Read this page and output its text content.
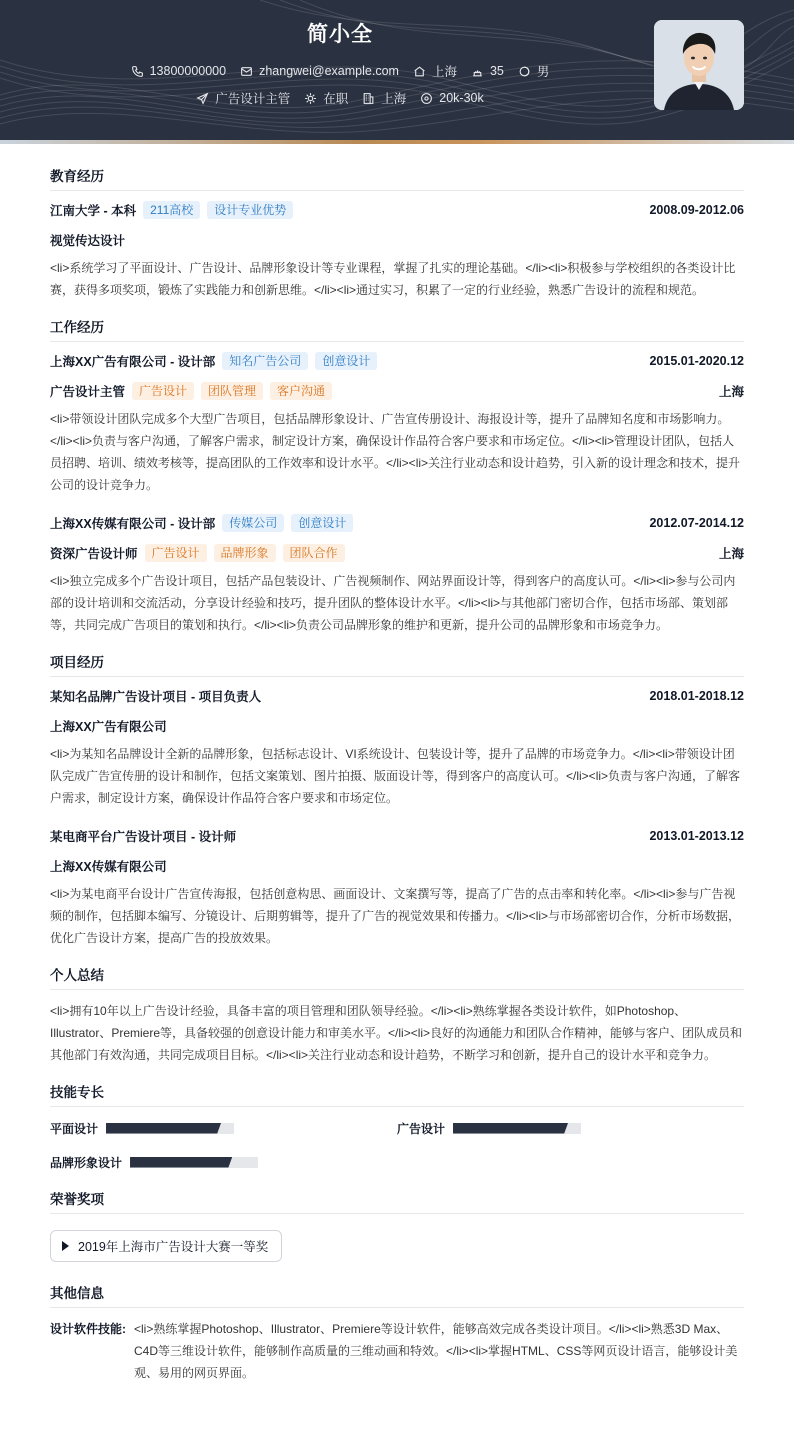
简小全
13800000000	zhangwei@example.com	上海	35	男
广告设计主管	在职	上海	20k-30k
教育经历
江南大学 - 本科	211高校	设计专业优势	2008.09-2012.06
视觉传达设计
<li>系统学习了平面设计、广告设计、品牌形象设计等专业课程，掌握了扎实的理论基础。</li><li>积极参与学校组织的各类设计比赛，获得多项奖项，锻炼了实践能力和创新思维。</li><li>通过实习，积累了一定的行业经验，熟悉广告设计的流程和规范。
工作经历
上海XX广告有限公司 - 设计部	知名广告公司	创意设计	2015.01-2020.12
广告设计主管	广告设计	团队管理	客户沟通	上海
<li>带领设计团队完成多个大型广告项目，包括品牌形象设计、广告宣传册设计、海报设计等，提升了品牌知名度和市场影响力。</li><li>负责与客户沟通，了解客户需求，制定设计方案，确保设计作品符合客户要求和市场定位。</li><li>管理设计团队，包括人员招聘、培训、绩效考核等，提高团队的工作效率和设计水平。</li><li>关注行业动态和设计趋势，引入新的设计理念和技术，提升公司的设计竞争力。
上海XX传媒有限公司 - 设计部	传媒公司	创意设计	2012.07-2014.12
资深广告设计师	广告设计	品牌形象	团队合作	上海
<li>独立完成多个广告设计项目，包括产品包装设计、广告视频制作、网站界面设计等，得到客户的高度认可。</li><li>参与公司内部的设计培训和交流活动，分享设计经验和技巧，提升团队的整体设计水平。</li><li>与其他部门密切合作，包括市场部、策划部等，共同完成广告项目的策划和执行。</li><li>负责公司品牌形象的维护和更新，提升公司的品牌形象和市场竞争力。
项目经历
某知名品牌广告设计项目 - 项目负责人	2018.01-2018.12
上海XX广告有限公司
<li>为某知名品牌设计全新的品牌形象，包括标志设计、VI系统设计、包装设计等，提升了品牌的市场竞争力。</li><li>带领设计团队完成广告宣传册的设计和制作，包括文案策划、图片拍摄、版面设计等，得到客户的高度认可。</li><li>负责与客户沟通，了解客户需求，制定设计方案，确保设计作品符合客户要求和市场定位。
某电商平台广告设计项目 - 设计师	2013.01-2013.12
上海XX传媒有限公司
<li>为某电商平台设计广告宣传海报，包括创意构思、画面设计、文案撰写等，提高了广告的点击率和转化率。</li><li>参与广告视频的制作，包括脚本编写、分镜设计、后期剪辑等，提升了广告的视觉效果和传播力。</li><li>与市场部密切合作，分析市场数据，优化广告设计方案，提高广告的投放效果。
个人总结
<li>拥有10年以上广告设计经验，具备丰富的项目管理和团队领导经验。</li><li>熟练掌握各类设计软件，如Photoshop、Illustrator、Premiere等，具备较强的创意设计能力和审美水平。</li><li>良好的沟通能力和团队合作精神，能够与客户、团队成员和其他部门有效沟通，共同完成项目目标。</li><li>关注行业动态和设计趋势，不断学习和创新，提升自己的设计水平和竞争力。
技能专长
平面设计	广告设计
品牌形象设计
荣誉奖项
2019年上海市广告设计大赛一等奖
其他信息
设计软件技能: <li>熟练掌握Photoshop、Illustrator、Premiere等设计软件，能够高效完成各类设计项目。</li><li>熟悉3D Max、C4D等三维设计软件，能够制作高质量的三维动画和特效。</li><li>掌握HTML、CSS等网页设计语言，能够设计美观、易用的网页界面。
